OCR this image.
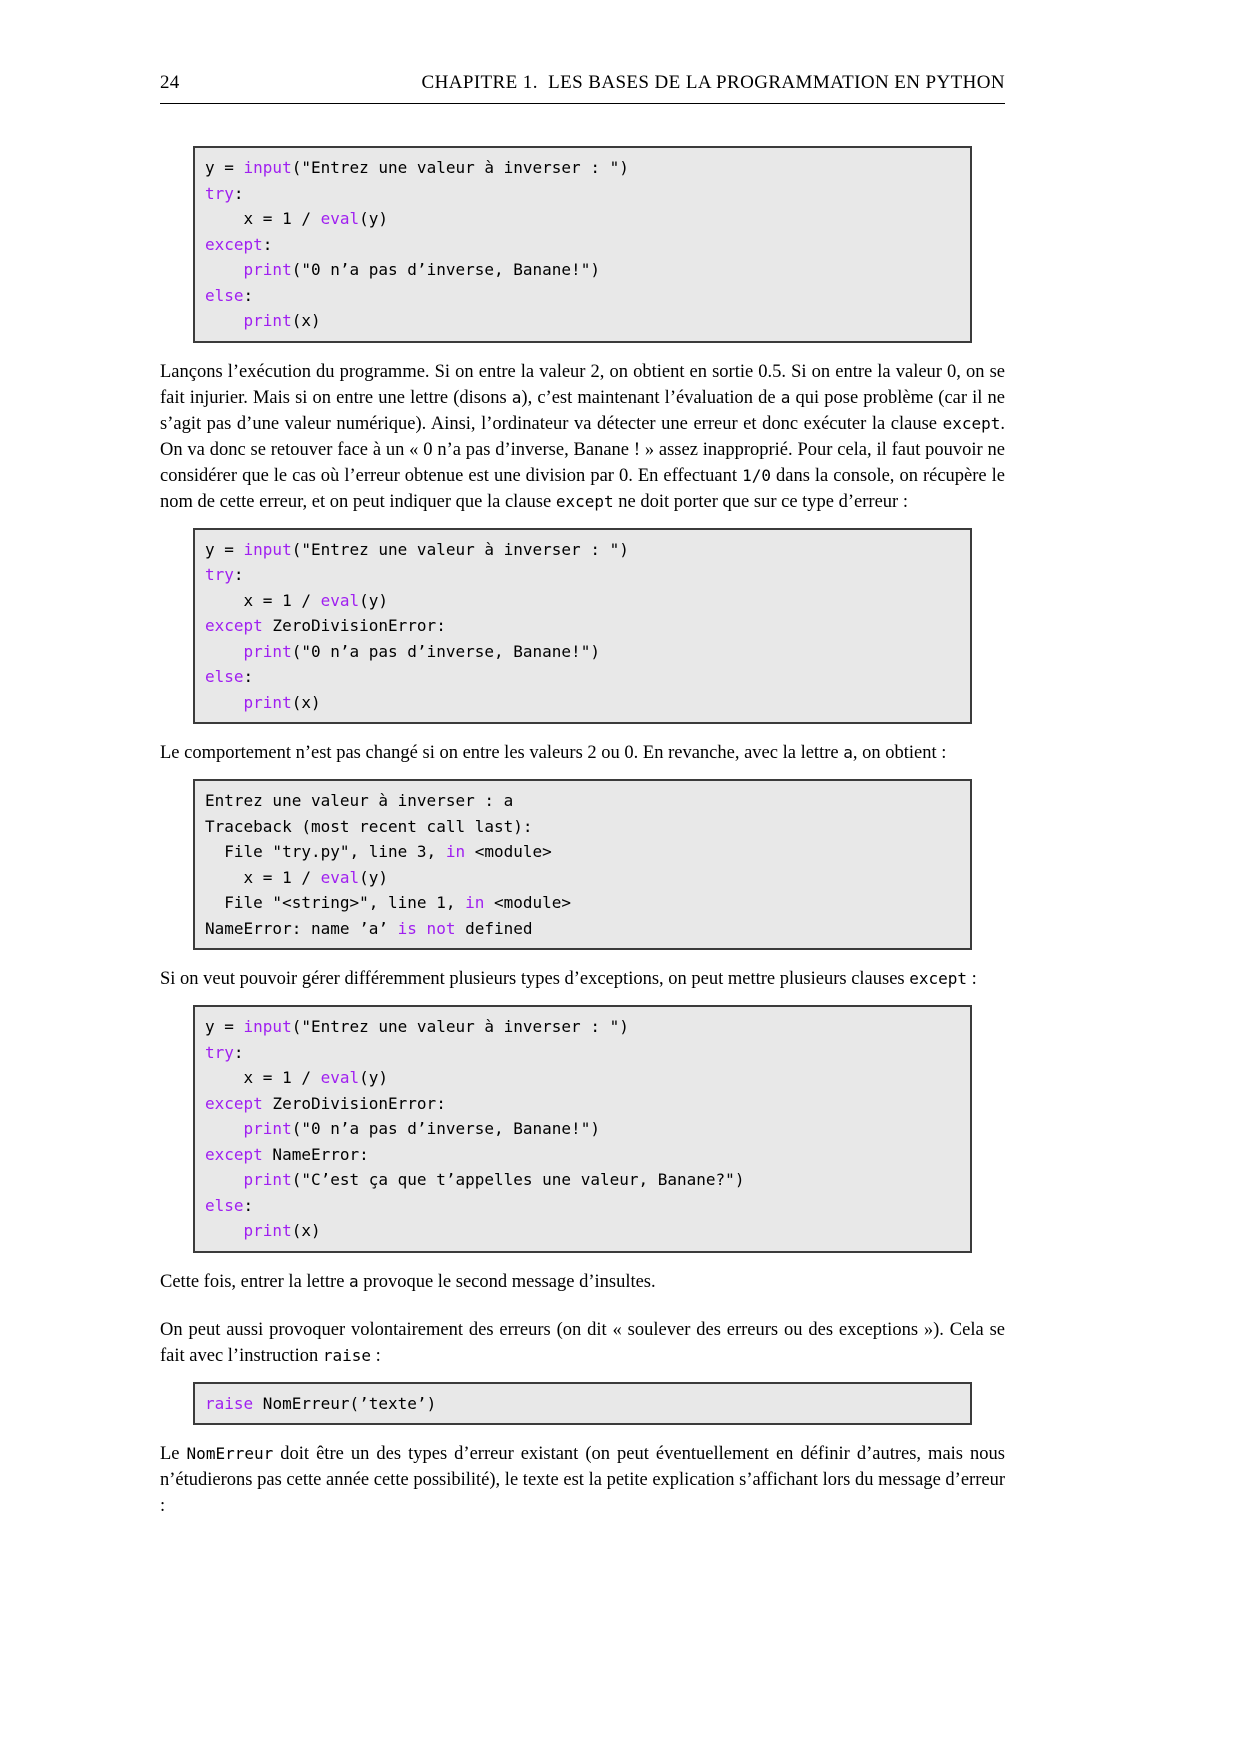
24	CHAPITRE 1.  LES BASES DE LA PROGRAMMATION EN PYTHON
y = input("Entrez une valeur à inverser : ")
try:
x = 1 / eval(y)
except:
print("0 n’a pas d’inverse, Banane!")
else:
print(x)

Lançons l’exécution du programme. Si on entre la valeur 2, on obtient en sortie 0.5. Si on entre la valeur 0, on se fait injurier. Mais si on entre une lettre (disons a), c’est maintenant l’évaluation de a qui pose problème (car il ne s’agit pas d’une valeur numérique). Ainsi, l’ordinateur va détecter une erreur et donc exécuter la clause except. On va donc se retouver face à un « 0 n’a pas d’inverse, Banane ! » assez inapproprié. Pour cela, il faut pouvoir ne considérer que le cas où l’erreur obtenue est une division par 0. En effectuant 1/0 dans la console, on récupère le nom de cette erreur, et on peut indiquer que la clause except ne doit porter que sur ce type d’erreur :

y = input("Entrez une valeur à inverser : ")
try:
x = 1 / eval(y)
except ZeroDivisionError:
print("0 n’a pas d’inverse, Banane!")
else:
print(x)

Le comportement n’est pas changé si on entre les valeurs 2 ou 0. En revanche, avec la lettre a, on obtient :

Entrez une valeur à inverser : a
Traceback (most recent call last):
File "try.py", line 3, in <module>
x = 1 / eval(y)
File "<string>", line 1, in <module>
NameError: name ’a’ is not defined

Si on veut pouvoir gérer différemment plusieurs types d’exceptions, on peut mettre plusieurs clauses except :

y = input("Entrez une valeur à inverser : ")
try:
x = 1 / eval(y)
except ZeroDivisionError:
print("0 n’a pas d’inverse, Banane!")
except NameError:
print("C’est ça que t’appelles une valeur, Banane?")
else:
print(x)

Cette fois, entrer la lettre a provoque le second message d’insultes.

On peut aussi provoquer volontairement des erreurs (on dit « soulever des erreurs ou des exceptions »). Cela se fait avec l’instruction raise :

raise NomErreur(’texte’)

Le NomErreur doit être un des types d’erreur existant (on peut éventuellement en définir d’autres, mais nous n’étudierons pas cette année cette possibilité), le texte est la petite explication s’affichant lors du message d’erreur :
